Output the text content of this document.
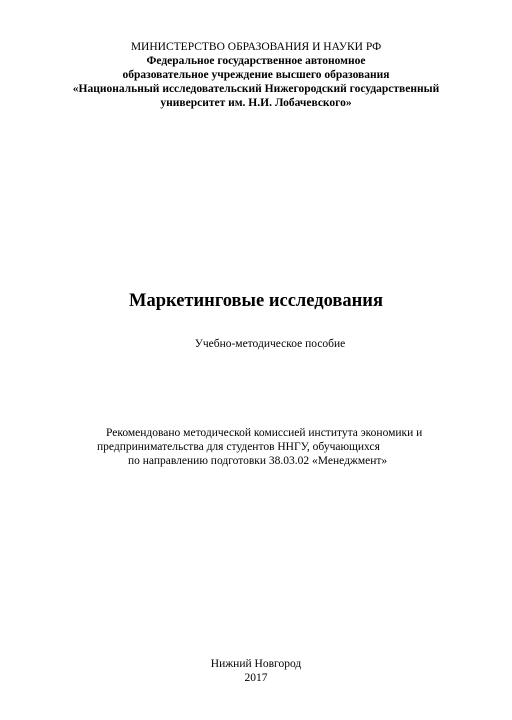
МИНИСТЕРСТВО ОБРАЗОВАНИЯ И НАУКИ РФ
Федеральное государственное автономное
образовательное учреждение высшего образования
«Национальный исследовательский Нижегородский государственный
университет им. Н.И. Лобачевского»
Маркетинговые исследования
Учебно-методическое пособие
Рекомендовано методической комиссией института экономики и
предпринимательства для студентов ННГУ, обучающихся
по направлению подготовки 38.03.02 «Менеджмент»
Нижний Новгород
2017
